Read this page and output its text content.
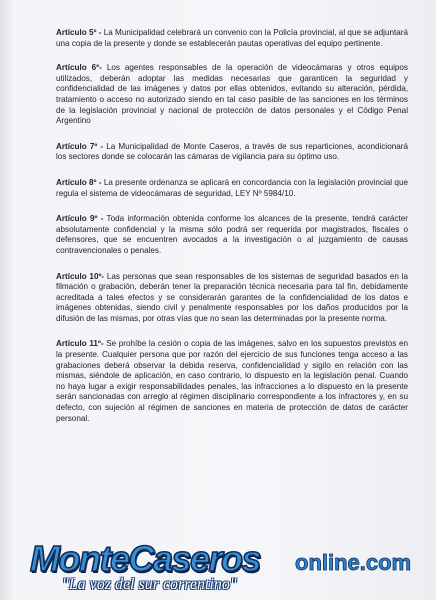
Artículo 5º - La Municipalidad celebrará un convenio con la Policía provincial, al que se adjuntará una copia de la presente y donde se establecerán pautas operativas del equipo pertinente.

Artículo 6º- Los agentes responsables de la operación de videocámaras y otros equipos utilizados, deberán adoptar las medidas necesarias que garanticen la seguridad y confidencialidad de las imágenes y datos por ellas obtenidos, evitando su alteración, pérdida, tratamiento o acceso no autorizado siendo en tal caso pasible de las sanciones en los términos de la legislación provincial y nacional de protección de datos personales y el Código Penal Argentino

Artículo 7º - La Municipalidad de Monte Caseros, a través de sus reparticiones, acondicionará los sectores donde se colocarán las cámaras de vigilancia para su óptimo uso.

Artículo 8º - La presente ordenanza se aplicará en concordancia con la legislación provincial que regula el sistema de videocámaras de seguridad, LEY Nº 5984/10.

Artículo 9º - Toda información obtenida conforme los alcances de la presente, tendrá carácter absolutamente confidencial y la misma sólo podrá ser requerida por magistrados, fiscales o defensores, que se encuentren avocados a la investigación o al juzgamiento de causas contravencionales o penales.

Artículo 10º- Las personas que sean responsables de los sistemas de seguridad basados en la filmación o grabación, deberán tener la preparación técnica necesaria para tal fin, debidamente acreditada a tales efectos y se considerarán garantes de la confidencialidad de los datos e imágenes obtenidas, siendo civil y penalmente responsables por los daños producidos por la difusión de las mismas, por otras vías que no sean las determinadas por la presente norma.

Artículo 11º- Se prohíbe la cesión o copia de las imágenes, salvo en los supuestos previstos en la presente. Cualquier persona que por razón del ejercicio de sus funciones tenga acceso a las grabaciones deberá observar la debida reserva, confidencialidad y sigilo en relación con las mismas, siéndole de aplicación, en caso contrario, lo dispuesto en la legislación penal. Cuando no haya lugar a exigir responsabilidades penales, las infracciones a lo dispuesto en la presente serán sancionadas con arreglo al régimen disciplinario correspondiente a los infractores y, en su defecto, con sujeción al régimen de sanciones en materia de protección de datos de carácter personal.

MonteCaseros online.com
"La voz del sur correntino"
